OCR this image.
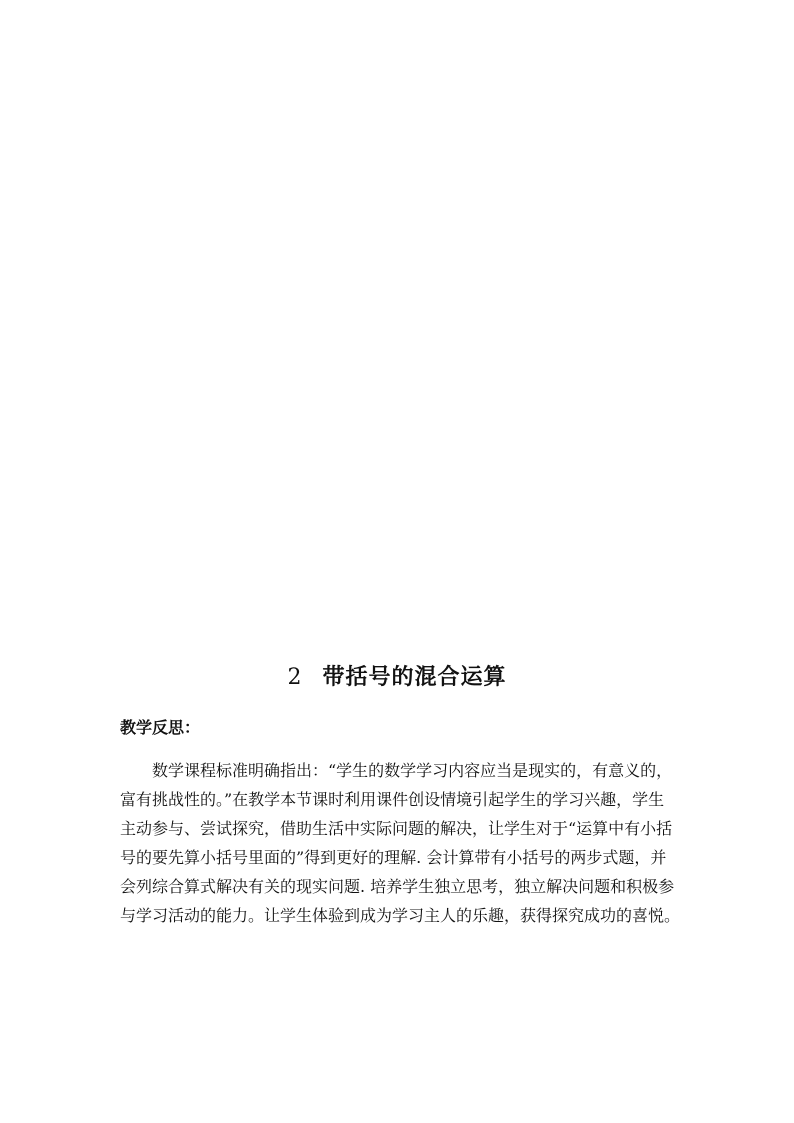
2 带括号的混合运算
教学反思：

　　数学课程标准明确指出：“学生的数学学习内容应当是现实的，有意义的，
富有挑战性的。”在教学本节课时利用课件创设情境引起学生的学习兴趣，学生
主动参与、尝试探究，借助生活中实际问题的解决，让学生对于“运算中有小括
号的要先算小括号里面的”得到更好的理解. 会计算带有小括号的两步式题，并
会列综合算式解决有关的现实问题. 培养学生独立思考，独立解决问题和积极参
与学习活动的能力。让学生体验到成为学习主人的乐趣，获得探究成功的喜悦。
